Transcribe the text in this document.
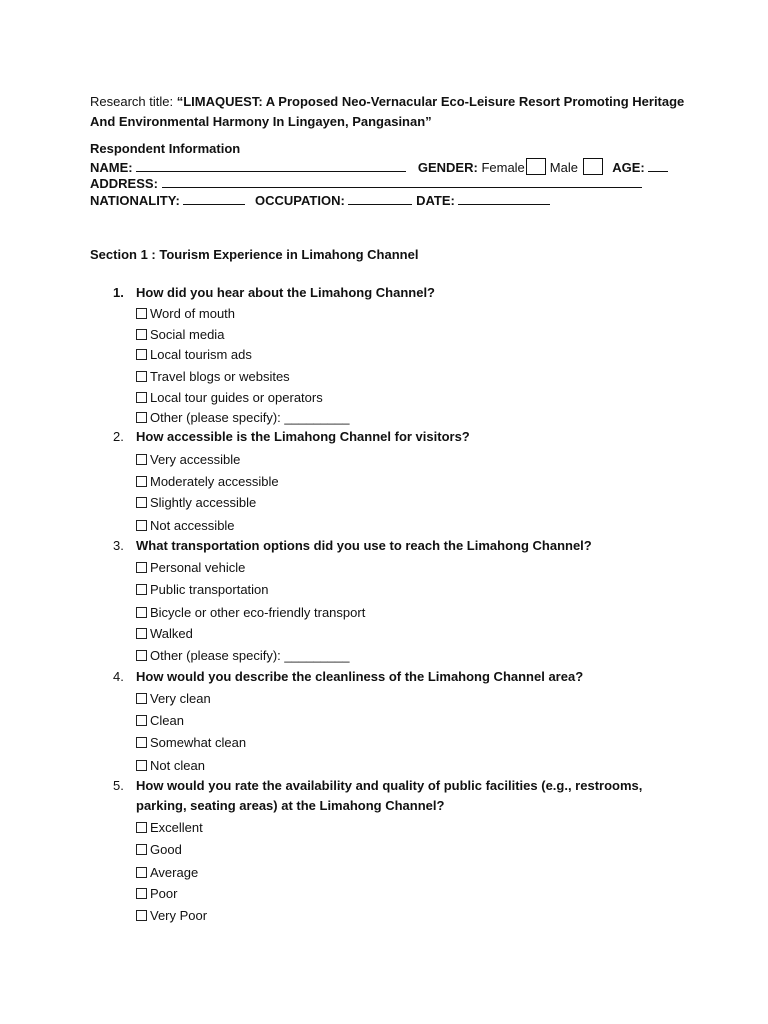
Research title: “LIMAQUEST: A Proposed Neo-Vernacular Eco-Leisure Resort Promoting Heritage And Environmental Harmony In Lingayen, Pangasinan”
Respondent Information
NAME:	GENDER: Female Male	AGE:
ADDRESS:
NATIONALITY:	OCCUPATION:	DATE:
Section 1 : Tourism Experience in Limahong Channel
1. How did you hear about the Limahong Channel?
Word of mouth
Social media
Local tourism ads
Travel blogs or websites
Local tour guides or operators
Other (please specify): _________
2. How accessible is the Limahong Channel for visitors?
Very accessible
Moderately accessible
Slightly accessible
Not accessible
3. What transportation options did you use to reach the Limahong Channel?
Personal vehicle
Public transportation
Bicycle or other eco-friendly transport
Walked
Other (please specify): _________
4. How would you describe the cleanliness of the Limahong Channel area?
Very clean
Clean
Somewhat clean
Not clean
5. How would you rate the availability and quality of public facilities (e.g., restrooms, parking, seating areas) at the Limahong Channel?
Excellent
Good
Average
Poor
Very Poor
